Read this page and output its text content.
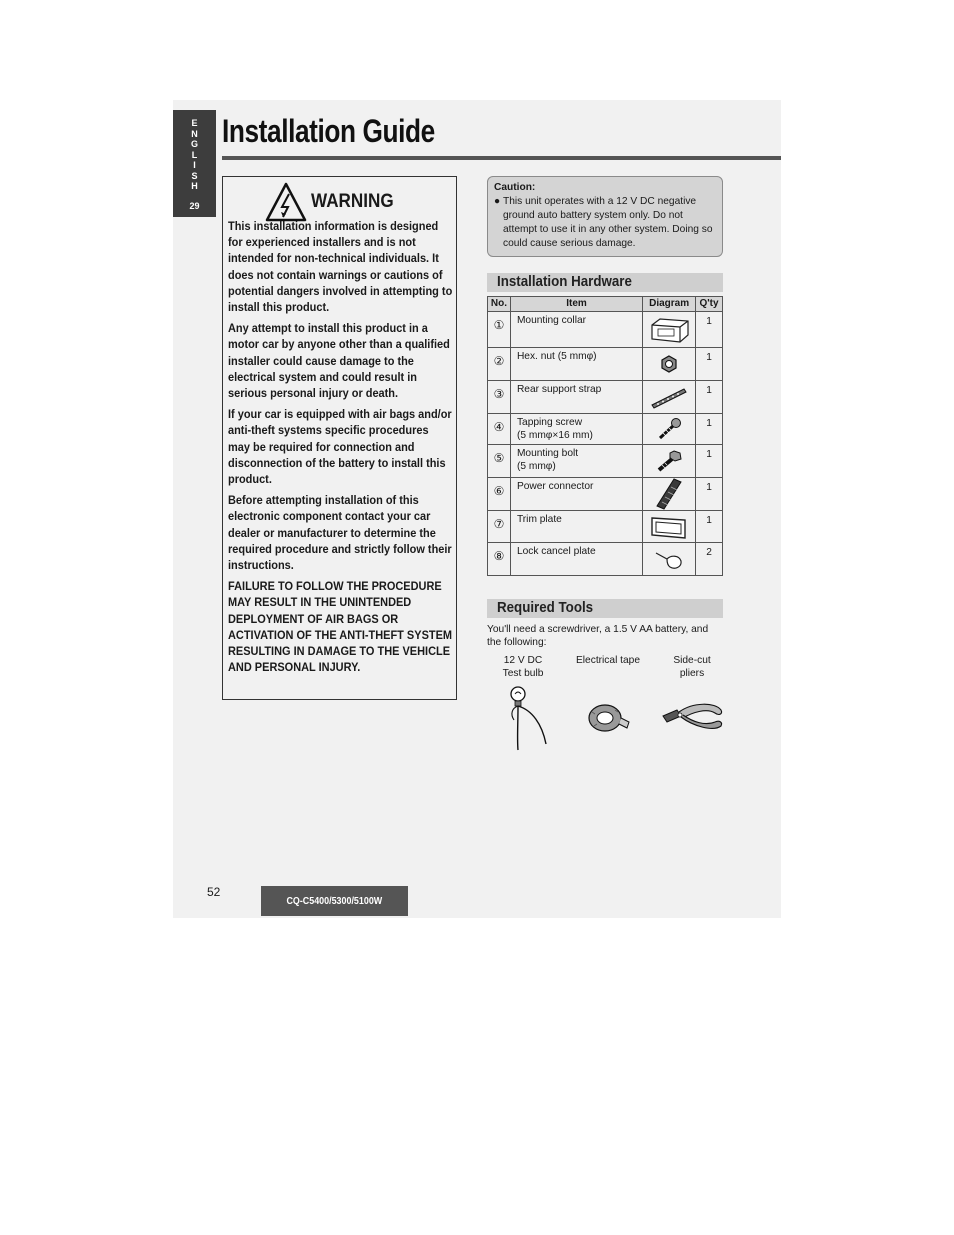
E
N
G
L
I
S
H
29
Installation Guide
WARNING

This installation information is designed for experienced installers and is not intended for non-technical individuals. It does not contain warnings or cautions of potential dangers involved in attempting to install this product.

Any attempt to install this product in a motor car by anyone other than a qualified installer could cause damage to the electrical system and could result in serious personal injury or death.

If your car is equipped with air bags and/or anti-theft systems specific procedures may be required for connection and disconnection of the battery to install this product.

Before attempting installation of this electronic component contact your car dealer or manufacturer to determine the required procedure and strictly follow their instructions.

FAILURE TO FOLLOW THE PROCEDURE MAY RESULT IN THE UNINTENDED DEPLOYMENT OF AIR BAGS OR ACTIVATION OF THE ANTI-THEFT SYSTEM RESULTING IN DAMAGE TO THE VEHICLE AND PERSONAL INJURY.

Caution:
● This unit operates with a 12 V DC negative ground auto battery system only. Do not attempt to use it in any other system. Doing so could cause serious damage.
Installation Hardware
No.	Item	Diagram	Q'ty
①	Mounting collar		1
②	Hex. nut (5 mmφ)		1
③	Rear support strap		1
④	Tapping screw
(5 mmφ×16 mm)		1
⑤	Mounting bolt
(5 mmφ)		1
⑥	Power connector		1
⑦	Trim plate		1
⑧	Lock cancel plate		2
Required Tools
You'll need a screwdriver, a 1.5 V AA battery, and the following:
12 V DC
Test bulb
Electrical tape	Side-cut
pliers
52
CQ-C5400/5300/5100W
